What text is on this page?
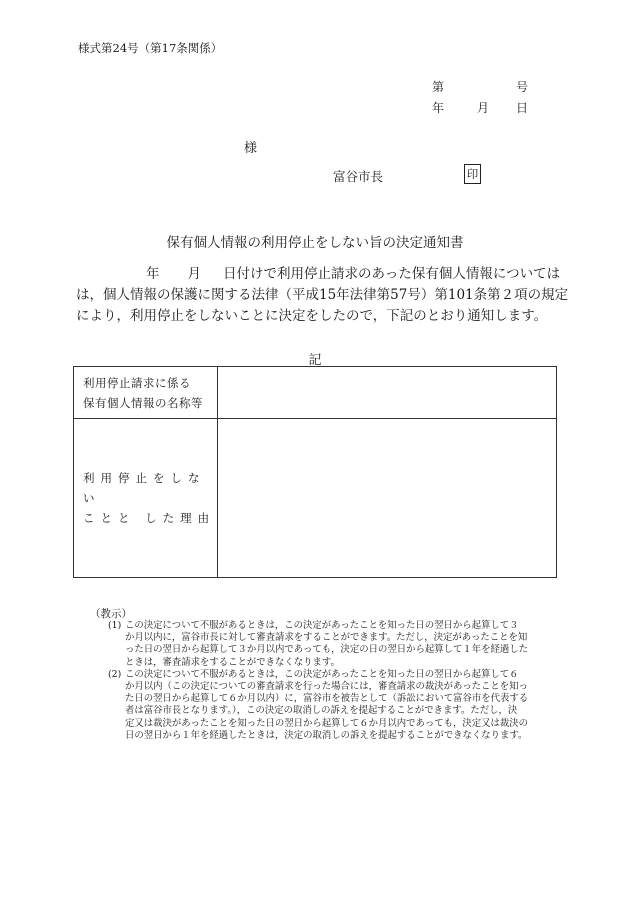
様式第24号（第17条関係）
第	号
年	月 日
様
富谷市長	印
保有個人情報の利用停止をしない旨の決定通知書
年 月 日付けで利用停止請求のあった保有個人情報については
は，個人情報の保護に関する法律（平成15年法律第57号）第101条第２項の規定
により，利用停止をしないことに決定をしたので，下記のとおり通知します。
記
利用停止請求に係る
保有個人情報の名称等	

利用停止をしない
ことと した理由	

（教示）
(1) この決定について不服があるときは，この決定があったことを知った日の翌日から起算して３
か月以内に，富谷市長に対して審査請求をすることができます。ただし，決定があったことを知
った日の翌日から起算して３か月以内であっても，決定の日の翌日から起算して１年を経過した
ときは，審査請求をすることができなくなります。
(2) この決定について不服があるときは，この決定があったことを知った日の翌日から起算して６
か月以内（この決定についての審査請求を行った場合には，審査請求の裁決があったことを知っ
た日の翌日から起算して６か月以内）に，富谷市を被告として（訴訟において富谷市を代表する
者は富谷市長となります。），この決定の取消しの訴えを提起することができます。ただし，決
定又は裁決があったことを知った日の翌日から起算して６か月以内であっても，決定又は裁決の
日の翌日から１年を経過したときは，決定の取消しの訴えを提起することができなくなります。
